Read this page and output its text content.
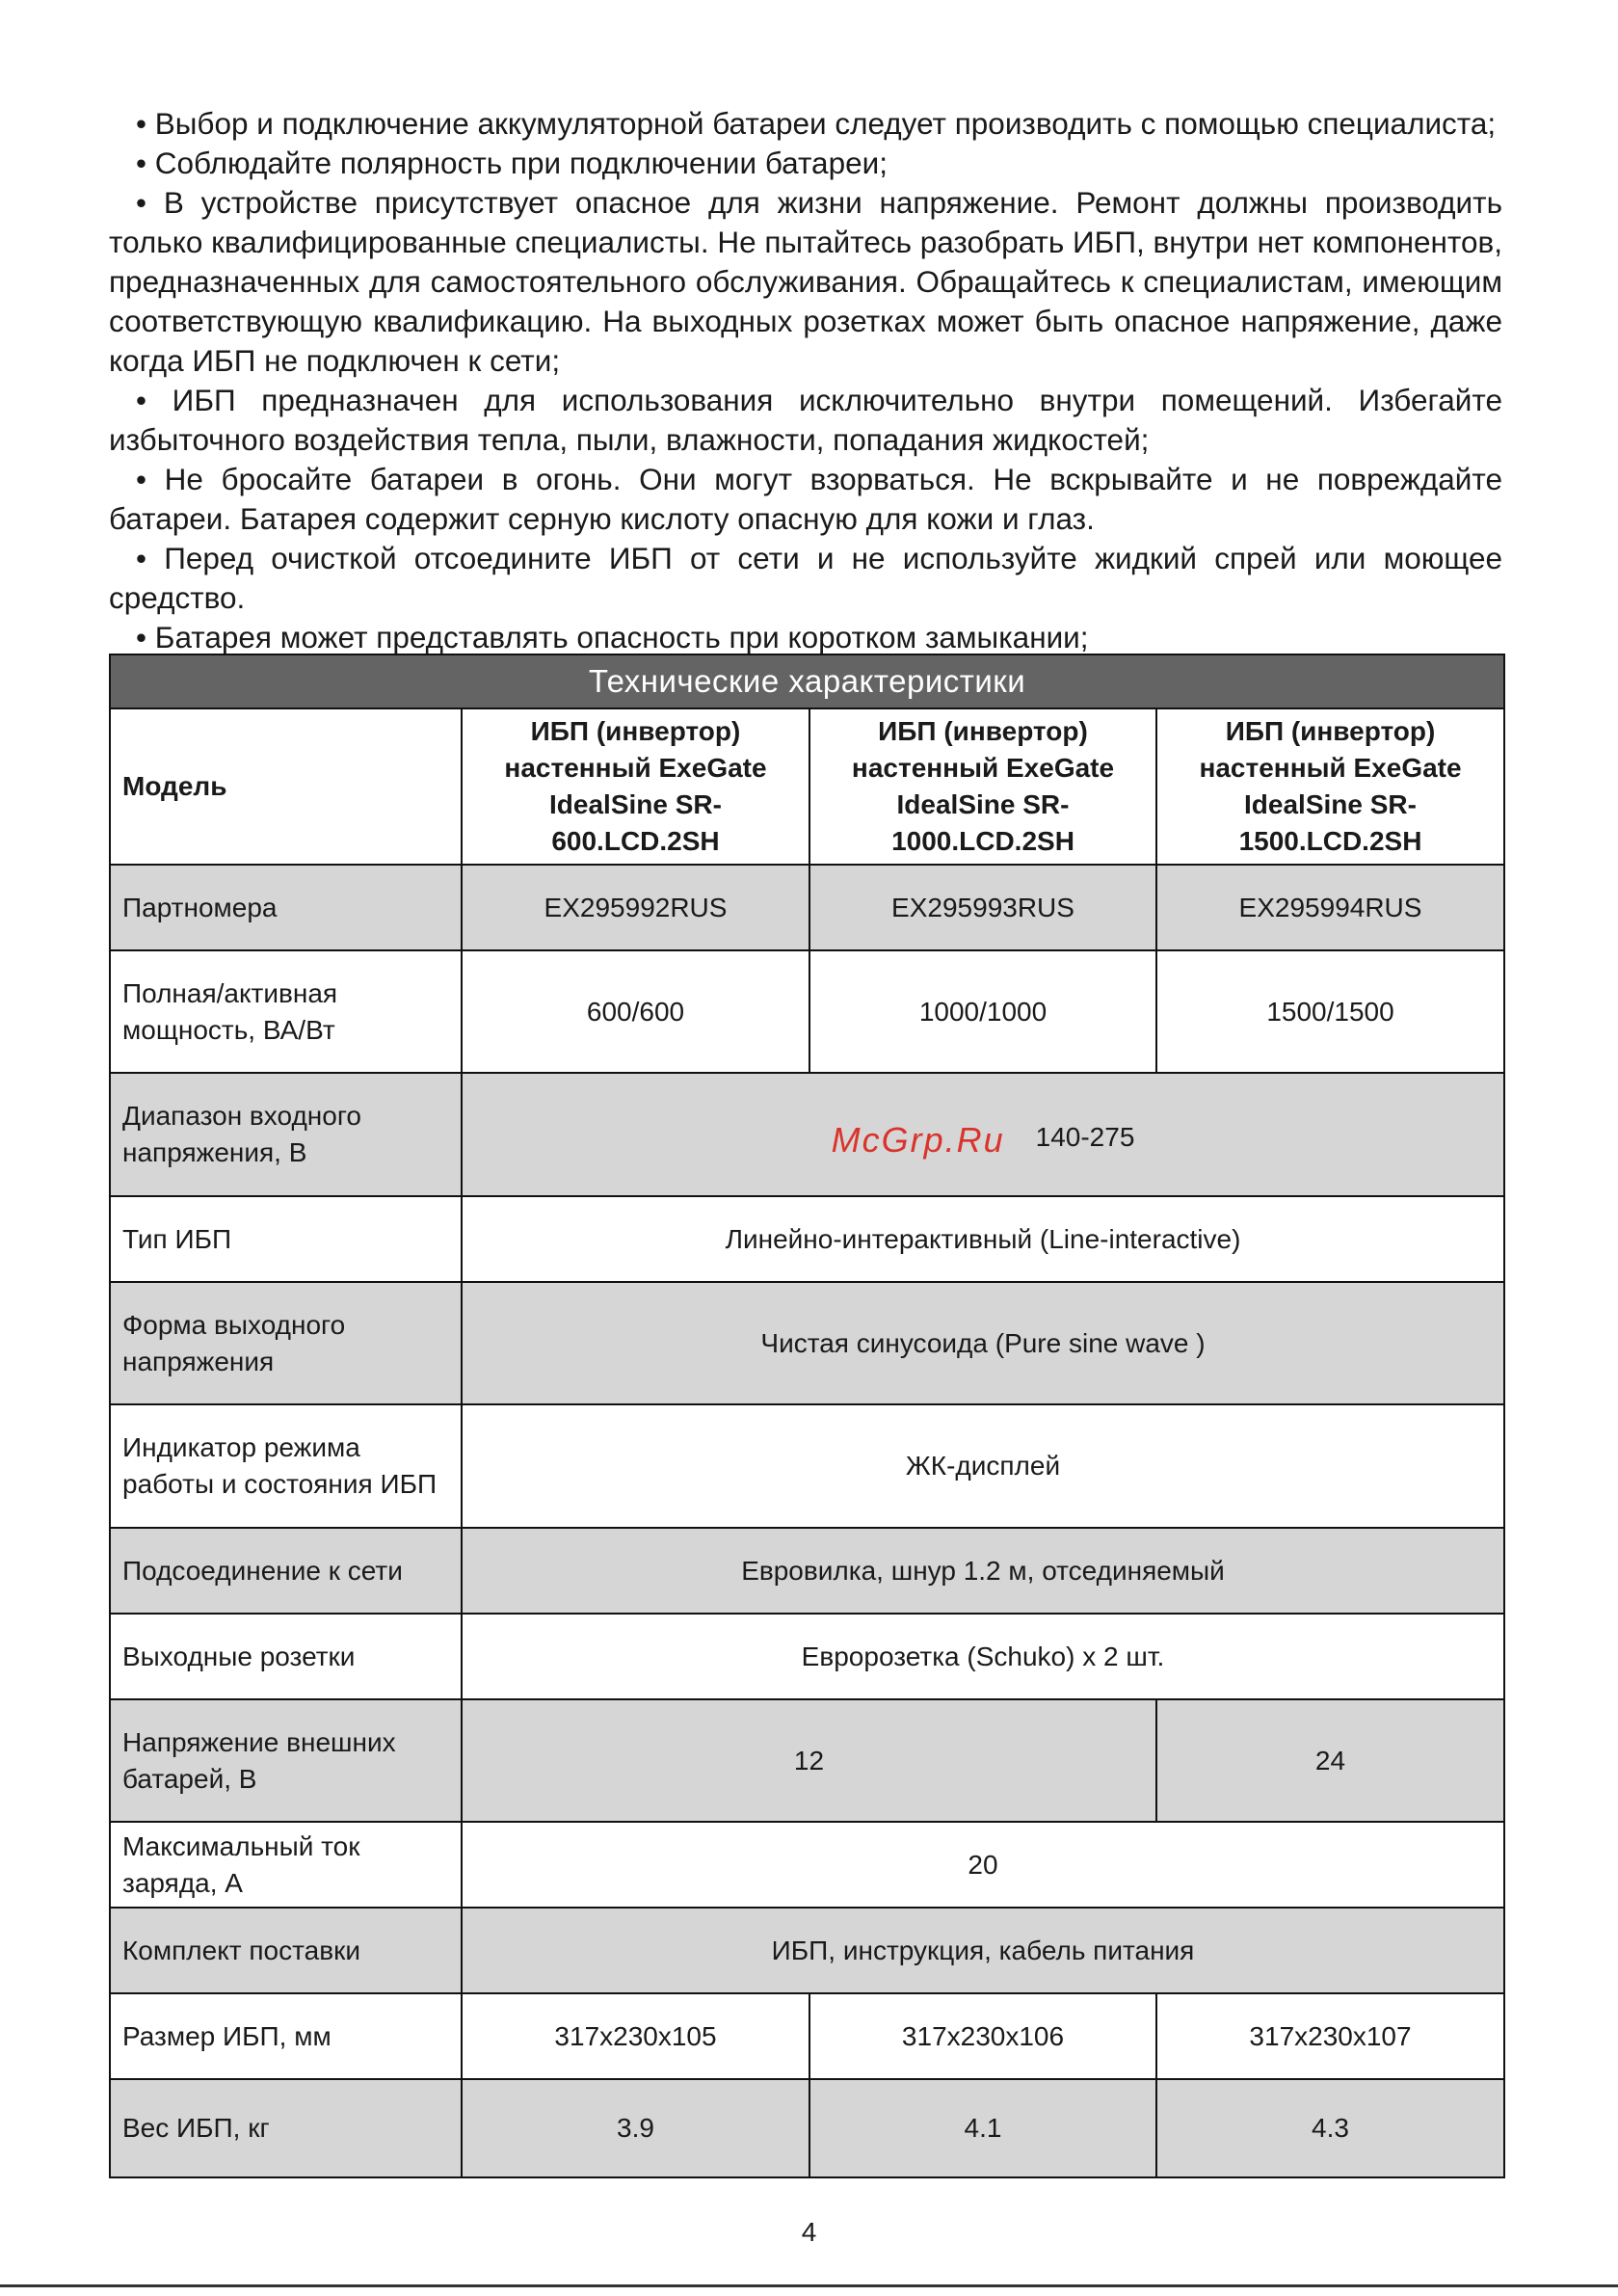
• Выбор и подключение аккумуляторной батареи следует производить с помощью специалиста;

• Соблюдайте полярность при подключении батареи;

• В устройстве присутствует опасное для жизни напряжение. Ремонт должны производить только квалифицированные специалисты. Не пытайтесь разобрать ИБП, внутри нет компонентов, предназначенных для самостоятельного обслуживания. Обращайтесь к специалистам, имеющим соответствующую квалификацию. На выходных розетках может быть опасное напряжение, даже когда ИБП не подключен к сети;

• ИБП предназначен для использования исключительно внутри помещений. Избегайте избыточного воздействия тепла, пыли, влажности, попадания жидкостей;

• Не бросайте батареи в огонь. Они могут взорваться. Не вскрывайте и не повреждайте батареи. Батарея содержит серную кислоту опасную для кожи и глаз.

• Перед очисткой отсоедините ИБП от сети и не используйте жидкий спрей или моющее средство.

• Батарея может представлять опасность при коротком замыкании;

Технические характеристики			
Модель	ИБП (инвертор) настенный ExeGate IdealSine SR-600.LCD.2SH	ИБП (инвертор) настенный ExeGate IdealSine SR-1000.LCD.2SH	ИБП (инвертор) настенный ExeGate IdealSine SR-1500.LCD.2SH
Партномера	EX295992RUS	EX295993RUS	EX295994RUS
Полная/активная мощность, ВА/Вт	600/600	1000/1000	1500/1500
Диапазон входного напряжения, В	McGrp.Ru 140-275		
Тип ИБП	Линейно-интерактивный (Line-interactive)		
Форма выходного напряжения	Чистая синусоида (Pure sine wave )		
Индикатор режима работы и состояния ИБП	ЖК-дисплей		
Подсоединение к сети	Евровилка, шнур 1.2 м, отсединяемый		
Выходные розетки	Евророзетка (Schuko) x 2 шт.		
Напряжение внешних батарей, В	12		24
Максимальный ток заряда, А	20		
Комплект поставки	ИБП, инструкция, кабель питания		
Размер ИБП, мм	317x230x105	317x230x106	317x230x107
Вес ИБП, кг	3.9	4.1	4.3
4
